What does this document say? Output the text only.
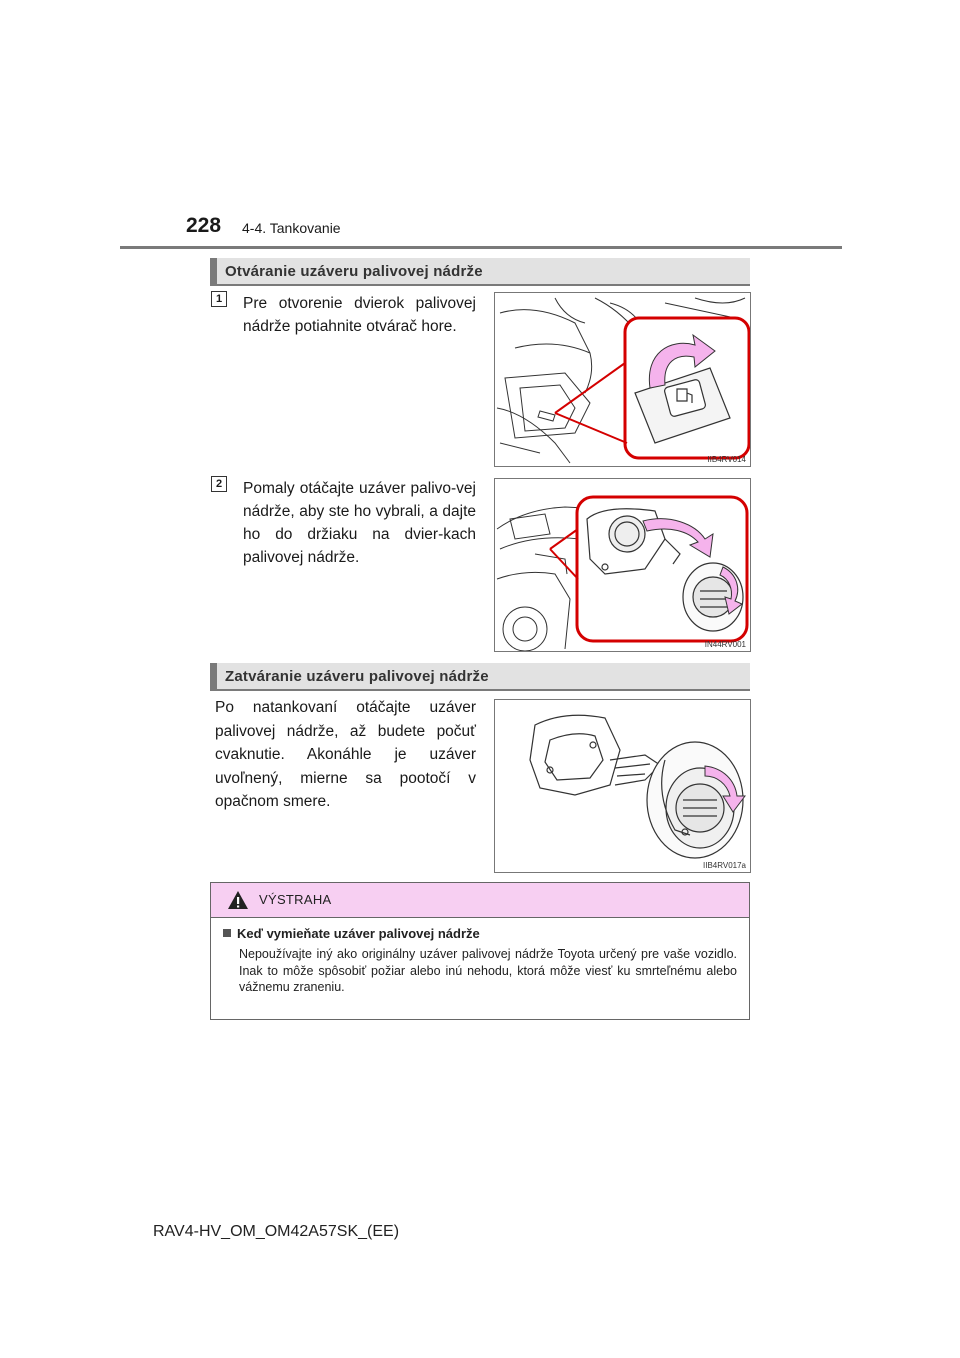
228 4-4. Tankovanie
Otváranie uzáveru palivovej nádrže
1	Pre otvorenie dvierok palivovej nádrže potiahnite otvárač hore.
IIB4RV014
2	Pomaly otáčajte uzáver palivo-vej nádrže, aby ste ho vybrali, a dajte ho do držiaku na dvier-kach palivovej nádrže.
IN44RV001
Zatváranie uzáveru palivovej nádrže
Po natankovaní otáčajte uzáver palivovej nádrže, až budete počuť cvaknutie. Akonáhle je uzáver uvoľnený, mierne sa pootočí v opačnom smere.
IIB4RV017a
VÝSTRAHA
Keď vymieňate uzáver palivovej nádrže
Nepoužívajte iný ako originálny uzáver palivovej nádrže Toyota určený pre vaše vozidlo. Inak to môže spôsobiť požiar alebo inú nehodu, ktorá môže viesť ku smrteľnému alebo vážnemu zraneniu.
RAV4-HV_OM_OM42A57SK_(EE)
